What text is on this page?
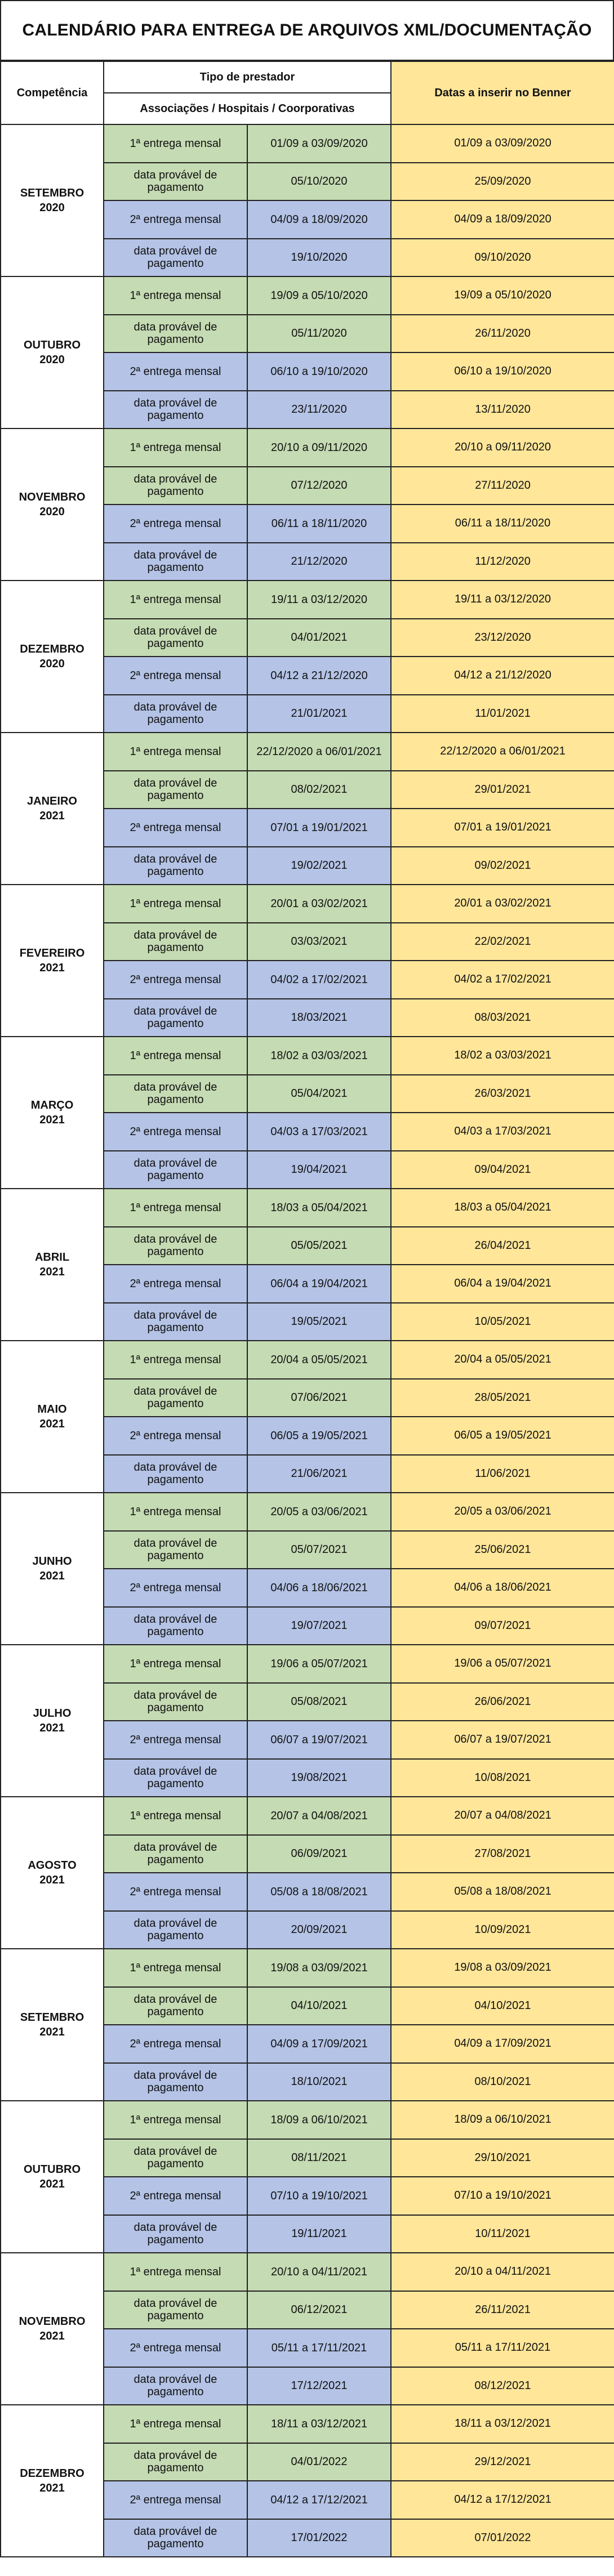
CALENDÁRIO PARA ENTREGA DE ARQUIVOS XML/DOCUMENTAÇÃO
Competência	Tipo de prestador		Datas a inserir no Benner
	Associações / Hospitais / Coorporativas		

SETEMBRO
2020	1ª entrega mensal	01/09 a 03/09/2020	01/09 a 03/09/2020
	data provável de pagamento	05/10/2020	25/09/2020
	2ª entrega mensal	04/09 a 18/09/2020	04/09 a 18/09/2020
	data provável de pagamento	19/10/2020	09/10/2020

OUTUBRO
2020	1ª entrega mensal	19/09 a 05/10/2020	19/09 a 05/10/2020
	data provável de pagamento	05/11/2020	26/11/2020
	2ª entrega mensal	06/10 a 19/10/2020	06/10 a 19/10/2020
	data provável de pagamento	23/11/2020	13/11/2020

NOVEMBRO
2020	1ª entrega mensal	20/10 a 09/11/2020	20/10 a 09/11/2020
	data provável de pagamento	07/12/2020	27/11/2020
	2ª entrega mensal	06/11 a 18/11/2020	06/11 a 18/11/2020
	data provável de pagamento	21/12/2020	11/12/2020

DEZEMBRO
2020	1ª entrega mensal	19/11 a 03/12/2020	19/11 a 03/12/2020
	data provável de pagamento	04/01/2021	23/12/2020
	2ª entrega mensal	04/12 a 21/12/2020	04/12 a 21/12/2020
	data provável de pagamento	21/01/2021	11/01/2021

JANEIRO
2021	1ª entrega mensal	22/12/2020 a 06/01/2021	22/12/2020 a 06/01/2021
	data provável de pagamento	08/02/2021	29/01/2021
	2ª entrega mensal	07/01 a 19/01/2021	07/01 a 19/01/2021
	data provável de pagamento	19/02/2021	09/02/2021

FEVEREIRO
2021	1ª entrega mensal	20/01 a 03/02/2021	20/01 a 03/02/2021
	data provável de pagamento	03/03/2021	22/02/2021
	2ª entrega mensal	04/02 a 17/02/2021	04/02 a 17/02/2021
	data provável de pagamento	18/03/2021	08/03/2021

MARÇO
2021	1ª entrega mensal	18/02 a 03/03/2021	18/02 a 03/03/2021
	data provável de pagamento	05/04/2021	26/03/2021
	2ª entrega mensal	04/03 a 17/03/2021	04/03 a 17/03/2021
	data provável de pagamento	19/04/2021	09/04/2021

ABRIL
2021	1ª entrega mensal	18/03 a 05/04/2021	18/03 a 05/04/2021
	data provável de pagamento	05/05/2021	26/04/2021
	2ª entrega mensal	06/04 a 19/04/2021	06/04 a 19/04/2021
	data provável de pagamento	19/05/2021	10/05/2021

MAIO
2021	1ª entrega mensal	20/04 a 05/05/2021	20/04 a 05/05/2021
	data provável de pagamento	07/06/2021	28/05/2021
	2ª entrega mensal	06/05 a 19/05/2021	06/05 a 19/05/2021
	data provável de pagamento	21/06/2021	11/06/2021

JUNHO
2021	1ª entrega mensal	20/05 a 03/06/2021	20/05 a 03/06/2021
	data provável de pagamento	05/07/2021	25/06/2021
	2ª entrega mensal	04/06 a 18/06/2021	04/06 a 18/06/2021
	data provável de pagamento	19/07/2021	09/07/2021

JULHO
2021	1ª entrega mensal	19/06 a 05/07/2021	19/06 a 05/07/2021
	data provável de pagamento	05/08/2021	26/06/2021
	2ª entrega mensal	06/07 a 19/07/2021	06/07 a 19/07/2021
	data provável de pagamento	19/08/2021	10/08/2021

AGOSTO
2021	1ª entrega mensal	20/07 a 04/08/2021	20/07 a 04/08/2021
	data provável de pagamento	06/09/2021	27/08/2021
	2ª entrega mensal	05/08 a 18/08/2021	05/08 a 18/08/2021
	data provável de pagamento	20/09/2021	10/09/2021

SETEMBRO
2021	1ª entrega mensal	19/08 a 03/09/2021	19/08 a 03/09/2021
	data provável de pagamento	04/10/2021	04/10/2021
	2ª entrega mensal	04/09 a 17/09/2021	04/09 a 17/09/2021
	data provável de pagamento	18/10/2021	08/10/2021

OUTUBRO
2021	1ª entrega mensal	18/09 a 06/10/2021	18/09 a 06/10/2021
	data provável de pagamento	08/11/2021	29/10/2021
	2ª entrega mensal	07/10 a 19/10/2021	07/10 a 19/10/2021
	data provável de pagamento	19/11/2021	10/11/2021

NOVEMBRO
2021	1ª entrega mensal	20/10 a 04/11/2021	20/10 a 04/11/2021
	data provável de pagamento	06/12/2021	26/11/2021
	2ª entrega mensal	05/11 a 17/11/2021	05/11 a 17/11/2021
	data provável de pagamento	17/12/2021	08/12/2021

DEZEMBRO
2021	1ª entrega mensal	18/11 a 03/12/2021	18/11 a 03/12/2021
	data provável de pagamento	04/01/2022	29/12/2021
	2ª entrega mensal	04/12 a 17/12/2021	04/12 a 17/12/2021
	data provável de pagamento	17/01/2022	07/01/2022
